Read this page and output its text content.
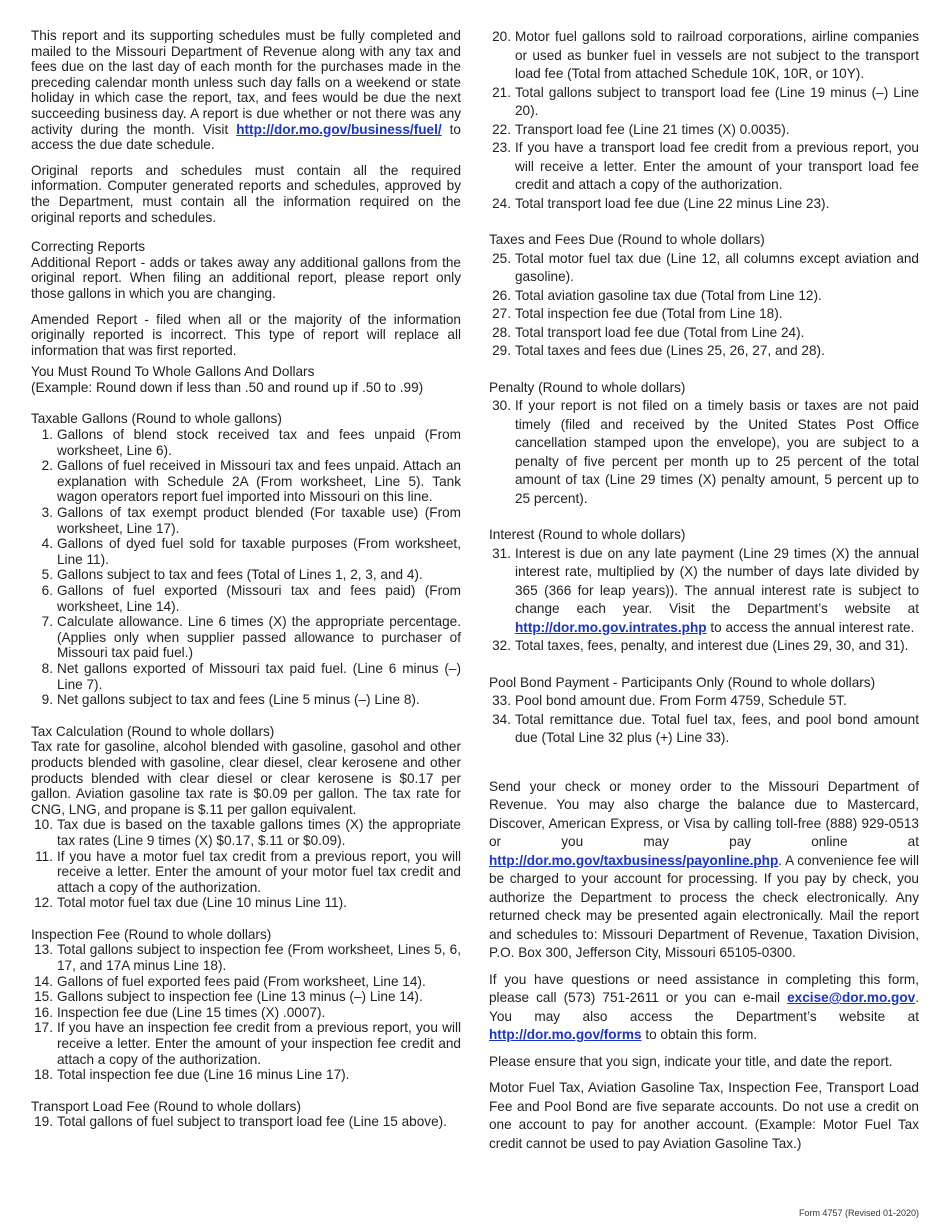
This report and its supporting schedules must be fully completed and mailed to the Missouri Department of Revenue along with any tax and fees due on the last day of each month for the purchases made in the preceding calendar month unless such day falls on a weekend or state holiday in which case the report, tax, and fees would be due the next succeeding business day. A report is due whether or not there was any activity during the month. Visit http://dor.mo.gov/business/fuel/ to access the due date schedule.

Original reports and schedules must contain all the required information. Computer generated reports and schedules, approved by the Department, must contain all the information required on the original reports and schedules.

Correcting Reports

Additional Report - adds or takes away any additional gallons from the original report. When filing an additional report, please report only those gallons in which you are changing.

Amended Report - filed when all or the majority of the information originally reported is incorrect. This type of report will replace all information that was first reported.

You Must Round To Whole Gallons And Dollars

(Example: Round down if less than .50 and round up if .50 to .99)

Taxable Gallons (Round to whole gallons)

1. Gallons of blend stock received tax and fees unpaid (From worksheet, Line 6).
2. Gallons of fuel received in Missouri tax and fees unpaid. Attach an explanation with Schedule 2A (From worksheet, Line 5). Tank wagon operators report fuel imported into Missouri on this line.
3. Gallons of tax exempt product blended (For taxable use) (From worksheet, Line 17).
4. Gallons of dyed fuel sold for taxable purposes (From worksheet, Line 11).
5. Gallons subject to tax and fees (Total of Lines 1, 2, 3, and 4).
6. Gallons of fuel exported (Missouri tax and fees paid) (From worksheet, Line 14).
7. Calculate allowance. Line 6 times (X) the appropriate percentage. (Applies only when supplier passed allowance to purchaser of Missouri tax paid fuel.)
8. Net gallons exported of Missouri tax paid fuel. (Line 6 minus (–) Line 7).
9. Net gallons subject to tax and fees (Line 5 minus (–) Line 8).

Tax Calculation (Round to whole dollars)

Tax rate for gasoline, alcohol blended with gasoline, gasohol and other products blended with gasoline, clear diesel, clear kerosene and other products blended with clear diesel or clear kerosene is $0.17 per gallon. Aviation gasoline tax rate is $0.09 per gallon. The tax rate for CNG, LNG, and propane is $.11 per gallon equivalent.

10. Tax due is based on the taxable gallons times (X) the appropriate tax rates (Line 9 times (X) $0.17, $.11 or $0.09).
11. If you have a motor fuel tax credit from a previous report, you will receive a letter. Enter the amount of your motor fuel tax credit and attach a copy of the authorization.
12. Total motor fuel tax due (Line 10 minus Line 11).

Inspection Fee (Round to whole dollars)

13. Total gallons subject to inspection fee (From worksheet, Lines 5, 6, 17, and 17A minus Line 18).
14. Gallons of fuel exported fees paid (From worksheet, Line 14).
15. Gallons subject to inspection fee (Line 13 minus (–) Line 14).
16. Inspection fee due (Line 15 times (X) .0007).
17. If you have an inspection fee credit from a previous report, you will receive a letter. Enter the amount of your inspection fee credit and attach a copy of the authorization.
18. Total inspection fee due (Line 16 minus Line 17).

Transport Load Fee (Round to whole dollars)

19. Total gallons of fuel subject to transport load fee (Line 15 above).
20. Motor fuel gallons sold to railroad corporations, airline companies or used as bunker fuel in vessels are not subject to the transport load fee (Total from attached Schedule 10K, 10R, or 10Y).
21. Total gallons subject to transport load fee (Line 19 minus (–) Line 20).
22. Transport load fee (Line 21 times (X) 0.0035).
23. If you have a transport load fee credit from a previous report, you will receive a letter. Enter the amount of your transport load fee credit and attach a copy of the authorization.
24. Total transport load fee due (Line 22 minus Line 23).

Taxes and Fees Due (Round to whole dollars)

25. Total motor fuel tax due (Line 12, all columns except aviation and gasoline).
26. Total aviation gasoline tax due (Total from Line 12).
27. Total inspection fee due (Total from Line 18).
28. Total transport load fee due (Total from Line 24).
29. Total taxes and fees due (Lines 25, 26, 27, and 28).

Penalty (Round to whole dollars)

30. If your report is not filed on a timely basis or taxes are not paid timely (filed and received by the United States Post Office cancellation stamped upon the envelope), you are subject to a penalty of five percent per month up to 25 percent of the total amount of tax (Line 29 times (X) penalty amount, 5 percent up to 25 percent).

Interest (Round to whole dollars)

31. Interest is due on any late payment (Line 29 times (X) the annual interest rate, multiplied by (X) the number of days late divided by 365 (366 for leap years)). The annual interest rate is subject to change each year. Visit the Department’s website at http://dor.mo.gov.intrates.php to access the annual interest rate.
32. Total taxes, fees, penalty, and interest due (Lines 29, 30, and 31).

Pool Bond Payment - Participants Only (Round to whole dollars)

33. Pool bond amount due. From Form 4759, Schedule 5T.
34. Total remittance due. Total fuel tax, fees, and pool bond amount due (Total Line 32 plus (+) Line 33).

Send your check or money order to the Missouri Department of Revenue. You may also charge the balance due to Mastercard, Discover, American Express, or Visa by calling toll-free (888) 929-0513 or you may pay online at http://dor.mo.gov/taxbusiness/payonline.php. A convenience fee will be charged to your account for processing. If you pay by check, you authorize the Department to process the check electronically. Any returned check may be presented again electronically. Mail the report and schedules to: Missouri Department of Revenue, Taxation Division, P.O. Box 300, Jefferson City, Missouri 65105-0300.

If you have questions or need assistance in completing this form, please call (573) 751-2611 or you can e-mail excise@dor.mo.gov. You may also access the Department’s website at http://dor.mo.gov/forms to obtain this form.

Please ensure that you sign, indicate your title, and date the report.

Motor Fuel Tax, Aviation Gasoline Tax, Inspection Fee, Transport Load Fee and Pool Bond are five separate accounts. Do not use a credit on one account to pay for another account. (Example: Motor Fuel Tax credit cannot be used to pay Aviation Gasoline Tax.)

Form 4757 (Revised 01-2020)
